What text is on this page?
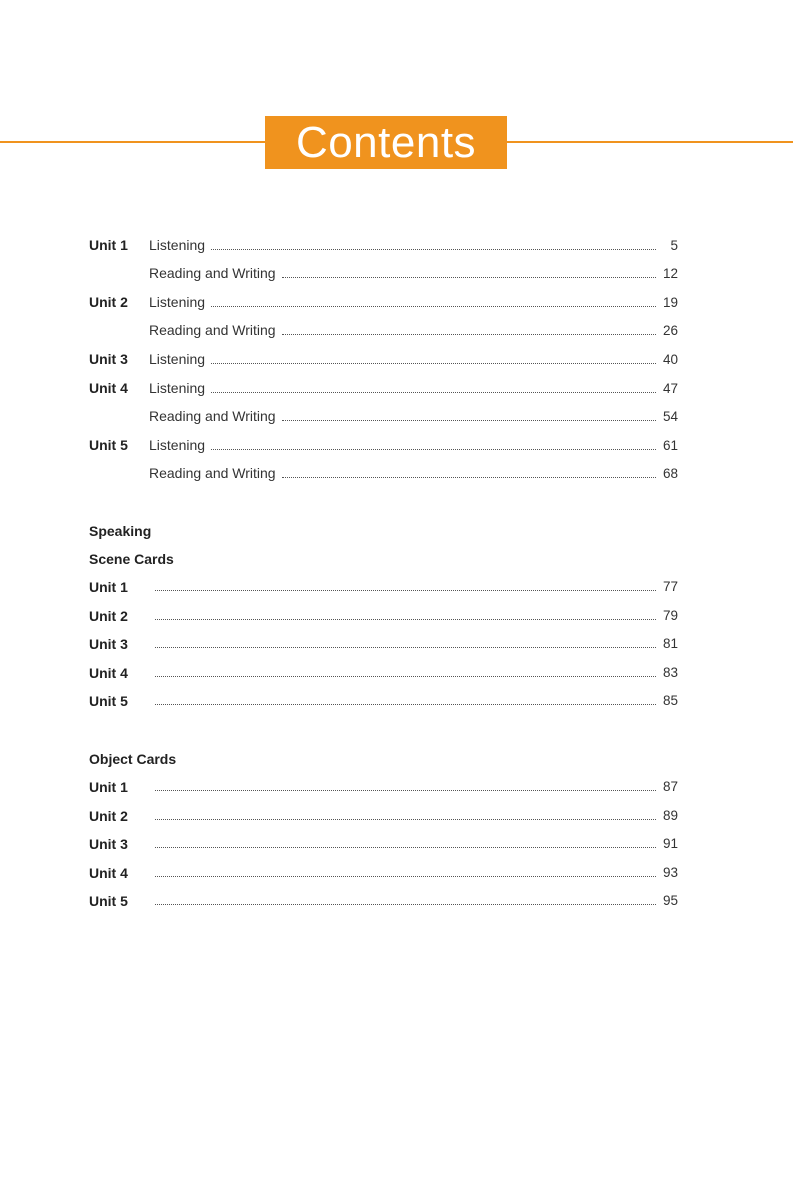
Contents
Unit 1 Listening	5
Reading and Writing	12
Unit 2 Listening	19
Reading and Writing	26
Unit 3 Listening	40
Unit 4 Listening	47
Reading and Writing	54
Unit 5 Listening	61
Reading and Writing	68
Speaking
Scene Cards
Unit 1	77
Unit 2	79
Unit 3	81
Unit 4	83
Unit 5	85
Object Cards
Unit 1	87
Unit 2	89
Unit 3	91
Unit 4	93
Unit 5	95
